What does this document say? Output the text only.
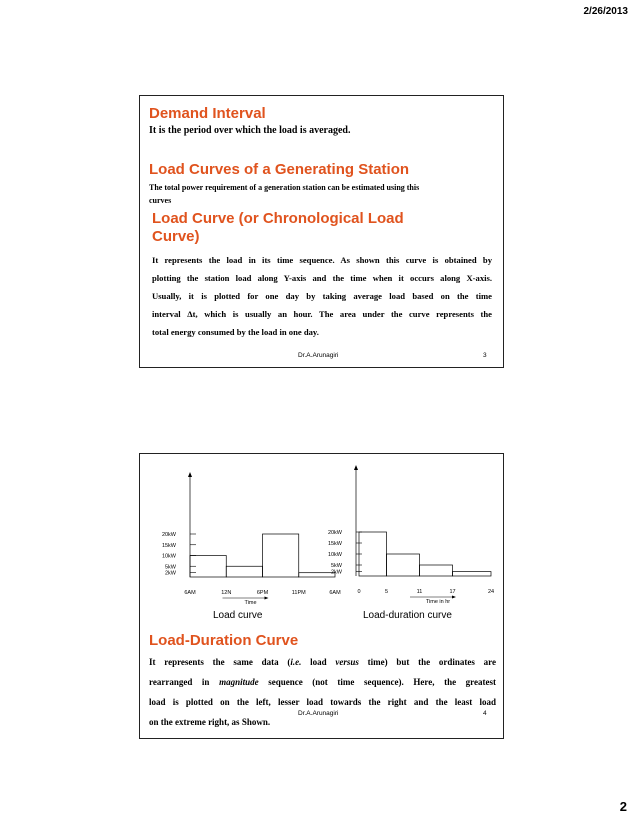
2/26/2013
Demand Interval
It is the period over which the load is averaged.
Load Curves of a Generating Station
The total power requirement of a generation station can be estimated using this
curves
Load Curve (or Chronological Load
Curve)
It represents the load in its time sequence. As shown this curve is obtained by
plotting the station load along Y-axis and the time when it occurs along X-axis.
Usually, it is plotted for one day by taking average load based on the time
interval Δt, which is usually an hour. The area under the curve represents the
total energy consumed by the load in one day.
Dr.A.Arunagiri	3
20kW
15kW
10kW
5kW
2kW
6AM	12N	6PM	11PM	6AM
Time
20kW
15kW
10kW
5kW
2kW
0	5	11	17	24
Time in hr
Load curve	Load-duration curve
Load-Duration Curve
It represents the same data (i.e. load versus time) but the ordinates are
rearranged in magnitude sequence (not time sequence). Here, the greatest
load is plotted on the left, lesser load towards the right and the least load
on the extreme right, as Shown.
Dr.A.Arunagiri	4
2
